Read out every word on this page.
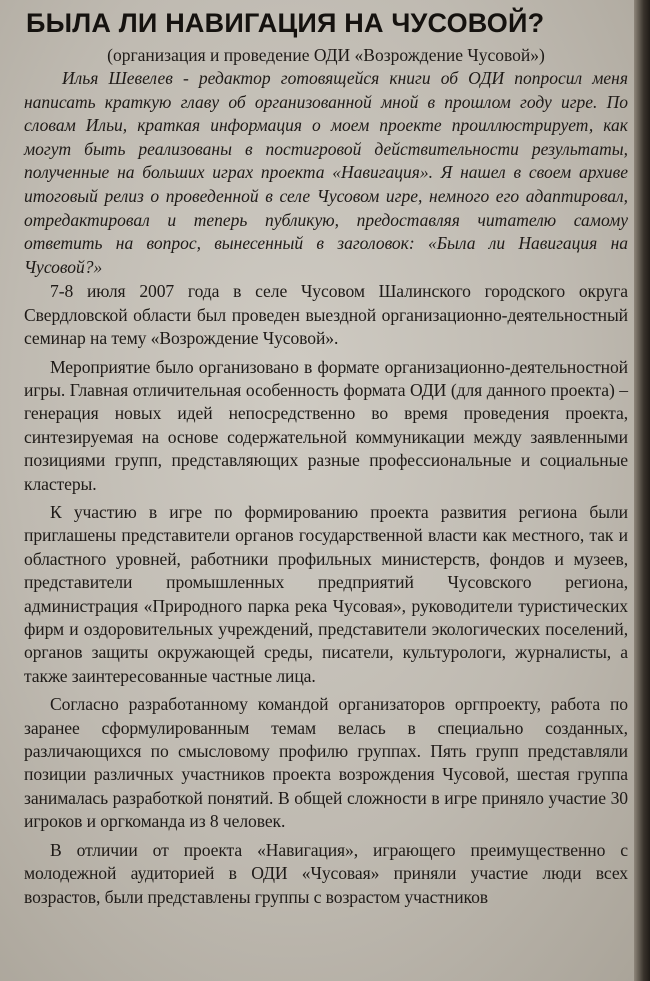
БЫЛА ЛИ НАВИГАЦИЯ НА ЧУСОВОЙ?

(организация и проведение ОДИ «Возрождение Чусовой»)

Илья Шевелев - редактор готовящейся книги об ОДИ попросил меня написать краткую главу об организованной мной в прошлом году игре. По словам Ильи, краткая информация о моем проекте проиллюстрирует, как могут быть реализованы в постигровой действительности результаты, полученные на больших играх проекта «Навигация». Я нашел в своем архиве итоговый релиз о проведенной в селе Чусовом игре, немного его адаптировал, отредактировал и теперь публикую, предоставляя читателю самому ответить на вопрос, вынесенный в заголовок: «Была ли Навигация на Чусовой?»

7-8 июля 2007 года в селе Чусовом Шалинского городского округа Свердловской области был проведен выездной организационно-деятельностный семинар на тему «Возрождение Чусовой».

Мероприятие было организовано в формате организационно-деятельностной игры. Главная отличительная особенность формата ОДИ (для данного проекта) – генерация новых идей непосредственно во время проведения проекта, синтезируемая на основе содержательной коммуникации между заявленными позициями групп, представляющих разные профессиональные и социальные кластеры.

К участию в игре по формированию проекта развития региона были приглашены представители органов государственной власти как местного, так и областного уровней, работники профильных министерств, фондов и музеев, представители промышленных предприятий Чусовского региона, администрация «Природного парка река Чусовая», руководители туристических фирм и оздоровительных учреждений, представители экологических поселений, органов защиты окружающей среды, писатели, культурологи, журналисты, а также заинтересованные частные лица.

Согласно разработанному командой организаторов оргпроекту, работа по заранее сформулированным темам велась в специально созданных, различающихся по смысловому профилю группах. Пять групп представляли позиции различных участников проекта возрождения Чусовой, шестая группа занималась разработкой понятий. В общей сложности в игре приняло участие 30 игроков и оргкоманда из 8 человек.

В отличии от проекта «Навигация», играющего преимущественно с молодежной аудиторией в ОДИ «Чусовая» приняли участие люди всех возрастов, были представлены группы с возрастом участников
